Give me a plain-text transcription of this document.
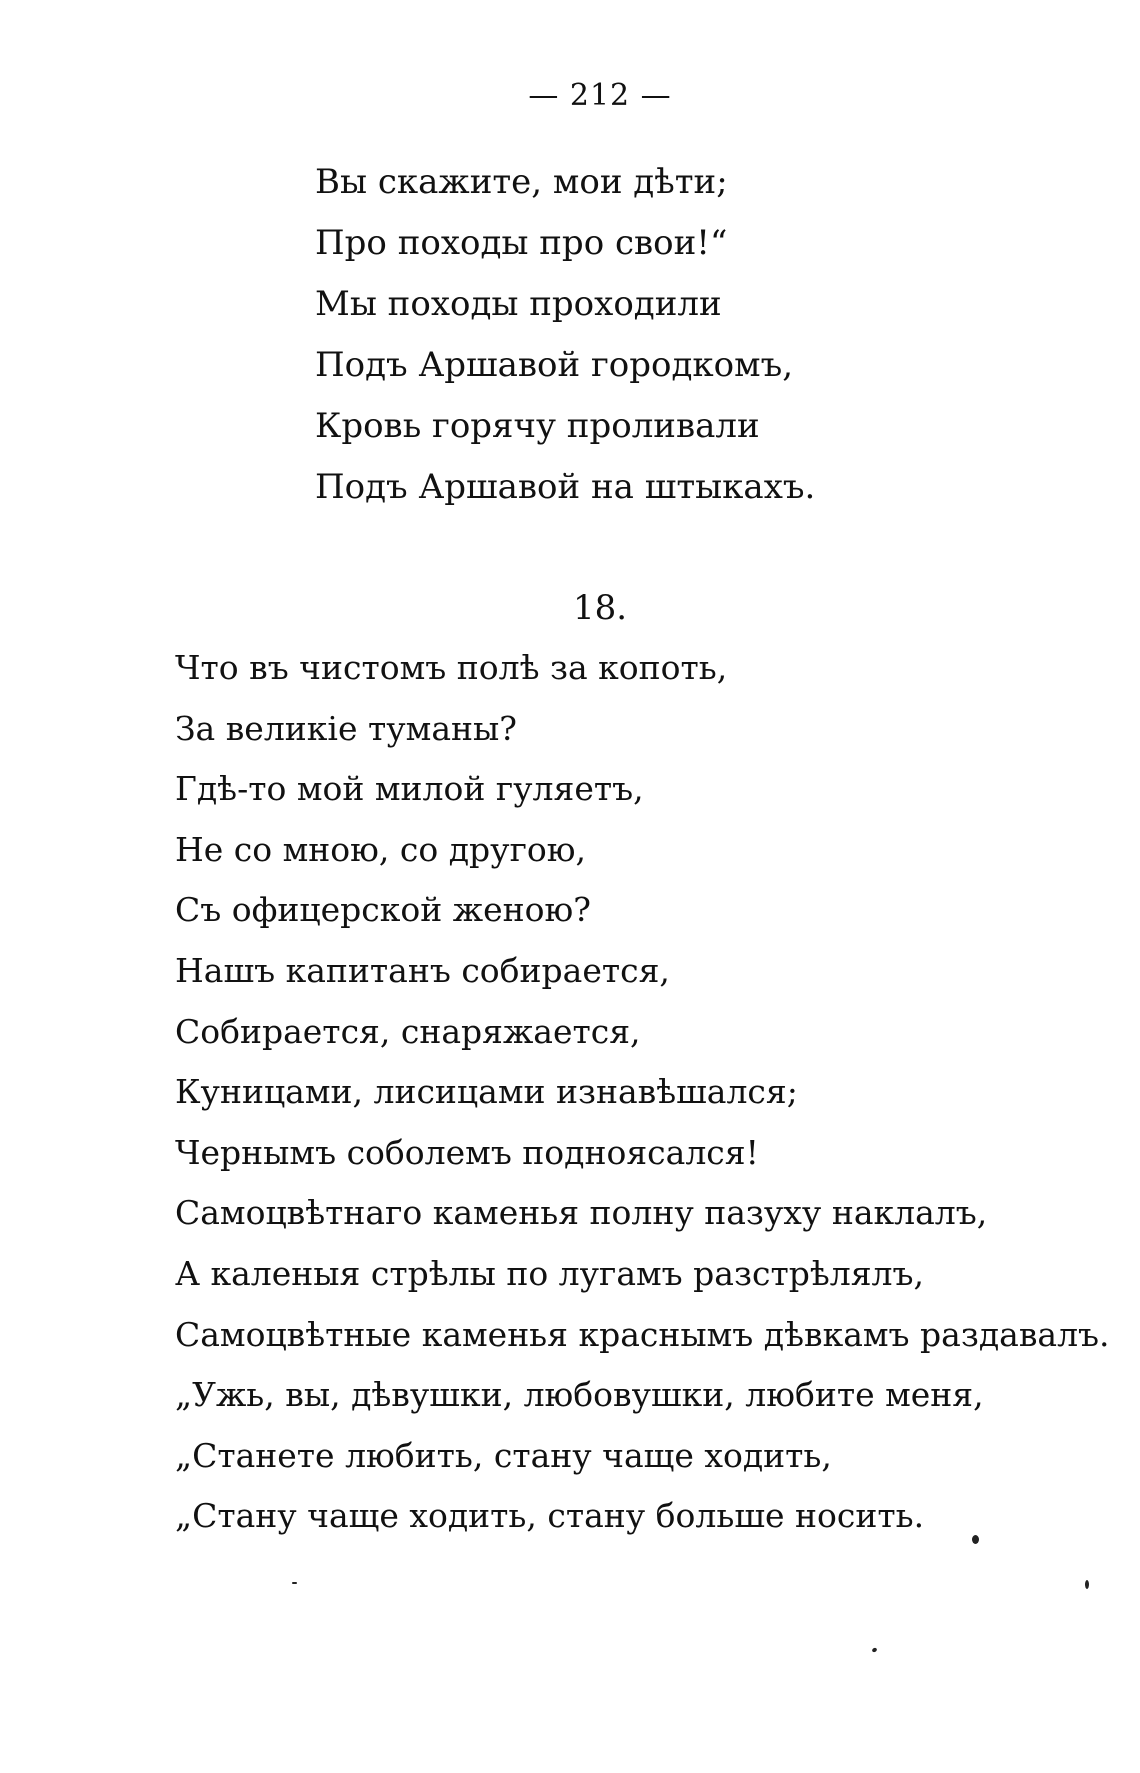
— 212 —
Вы скажите, мои дѣти;
Про походы про свои!“
Мы походы проходили
Подъ Аршавой городкомъ,
Кровь горячу проливали
Подъ Аршавой на штыкахъ.
18.
Что въ чистомъ полѣ за копоть,
За великіе туманы?
Гдѣ-то мой милой гуляетъ,
Не со мною, со другою,
Съ офицерской женою?
Нашъ капитанъ собирается,
Собирается, снаряжается,
Куницами, лисицами изнавѣшался;
Чернымъ соболемъ подноясался!
Самоцвѣтнаго каменья полну пазуху наклалъ,
А каленыя стрѣлы по лугамъ разстрѣлялъ,
Самоцвѣтные каменья краснымъ дѣвкамъ раздавалъ.
„Ужь, вы, дѣвушки, любовушки, любите меня,
„Станете любить, стану чаще ходить,
„Стану чаще ходить, стану больше носить.
